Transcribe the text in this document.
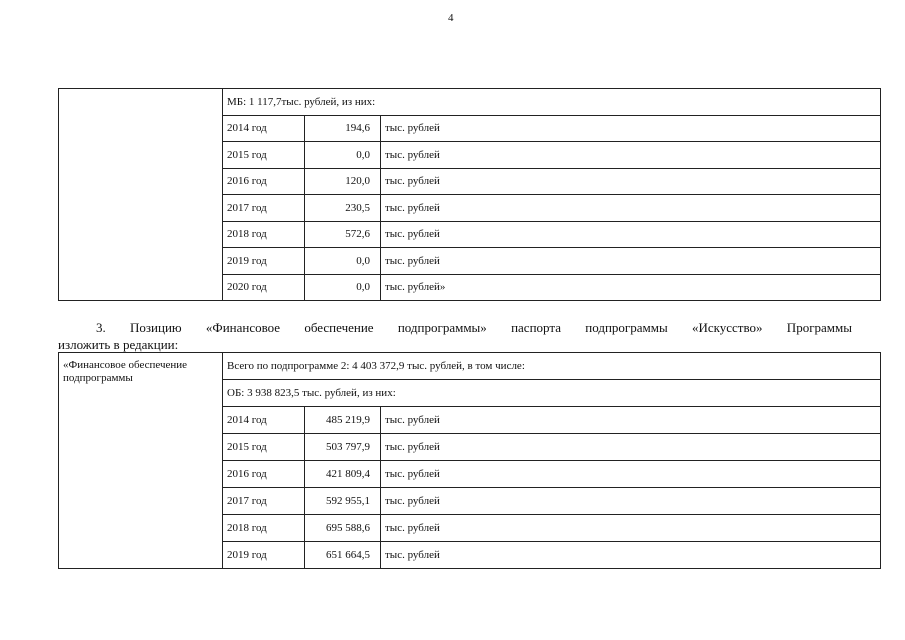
4
	МБ: 1 117,7тыс. рублей, из них:		
	2014 год	194,6	тыс. рублей
	2015 год	0,0	тыс. рублей
	2016 год	120,0	тыс. рублей
	2017 год	230,5	тыс. рублей
	2018 год	572,6	тыс. рублей
	2019 год	0,0	тыс. рублей
	2020 год	0,0	тыс. рублей»
3. Позицию «Финансовое обеспечение подпрограммы» паспорта подпрограммы «Искусство» Программы
изложить в редакции:
«Финансовое обеспечение подпрограммы	Всего по подпрограмме 2: 4 403 372,9 тыс. рублей, в том числе:		
	ОБ: 3 938 823,5 тыс. рублей, из них:		
	2014 год	485 219,9	тыс. рублей
	2015 год	503 797,9	тыс. рублей
	2016 год	421 809,4	тыс. рублей
	2017 год	592 955,1	тыс. рублей
	2018 год	695 588,6	тыс. рублей
	2019 год	651 664,5	тыс. рублей
